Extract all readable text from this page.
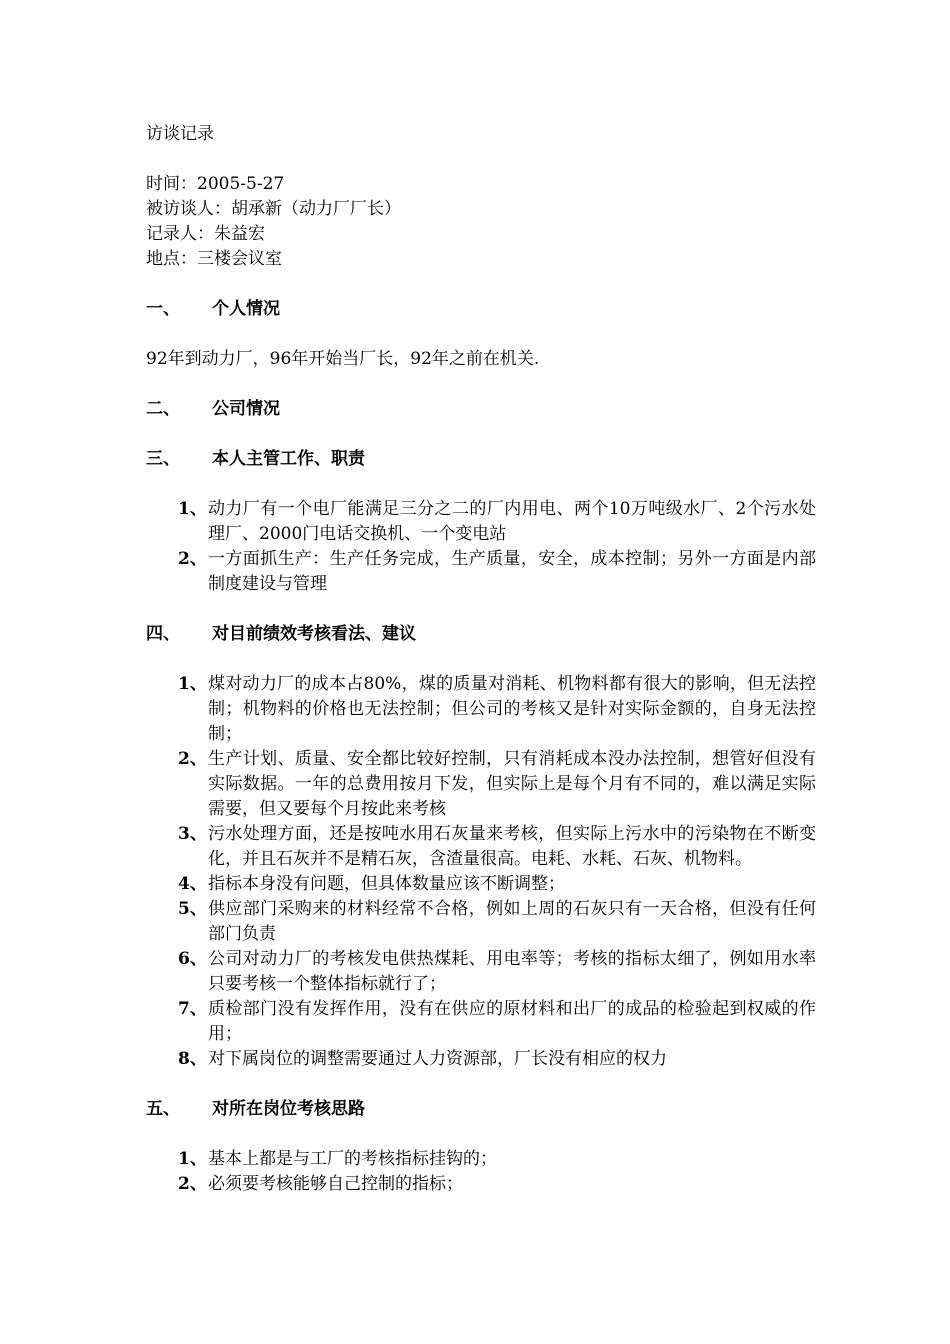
访谈记录
时间：2005-5-27
被访谈人：胡承新（动力厂厂长）
记录人：朱益宏
地点：三楼会议室
一、	个人情况
92年到动力厂，96年开始当厂长，92年之前在机关.
二、	公司情况
三、	本人主管工作、职责
1、 动力厂有一个电厂能满足三分之二的厂内用电、两个10万吨级水厂、2个污水处理厂、2000门电话交换机、一个变电站
2、 一方面抓生产：生产任务完成，生产质量，安全，成本控制；另外一方面是内部制度建设与管理
四、	对目前绩效考核看法、建议
1、 煤对动力厂的成本占80%，煤的质量对消耗、机物料都有很大的影响，但无法控制；机物料的价格也无法控制；但公司的考核又是针对实际金额的，自身无法控制；
2、 生产计划、质量、安全都比较好控制，只有消耗成本没办法控制，想管好但没有实际数据。一年的总费用按月下发，但实际上是每个月有不同的，难以满足实际需要，但又要每个月按此来考核
3、 污水处理方面，还是按吨水用石灰量来考核，但实际上污水中的污染物在不断变化，并且石灰并不是精石灰，含渣量很高。电耗、水耗、石灰、机物料。
4、 指标本身没有问题，但具体数量应该不断调整；
5、 供应部门采购来的材料经常不合格，例如上周的石灰只有一天合格，但没有任何部门负责
6、 公司对动力厂的考核发电供热煤耗、用电率等；考核的指标太细了，例如用水率只要考核一个整体指标就行了；
7、 质检部门没有发挥作用，没有在供应的原材料和出厂的成品的检验起到权威的作用；
8、 对下属岗位的调整需要通过人力资源部，厂长没有相应的权力
五、	对所在岗位考核思路
1、 基本上都是与工厂的考核指标挂钩的；
2、 必须要考核能够自己控制的指标；
